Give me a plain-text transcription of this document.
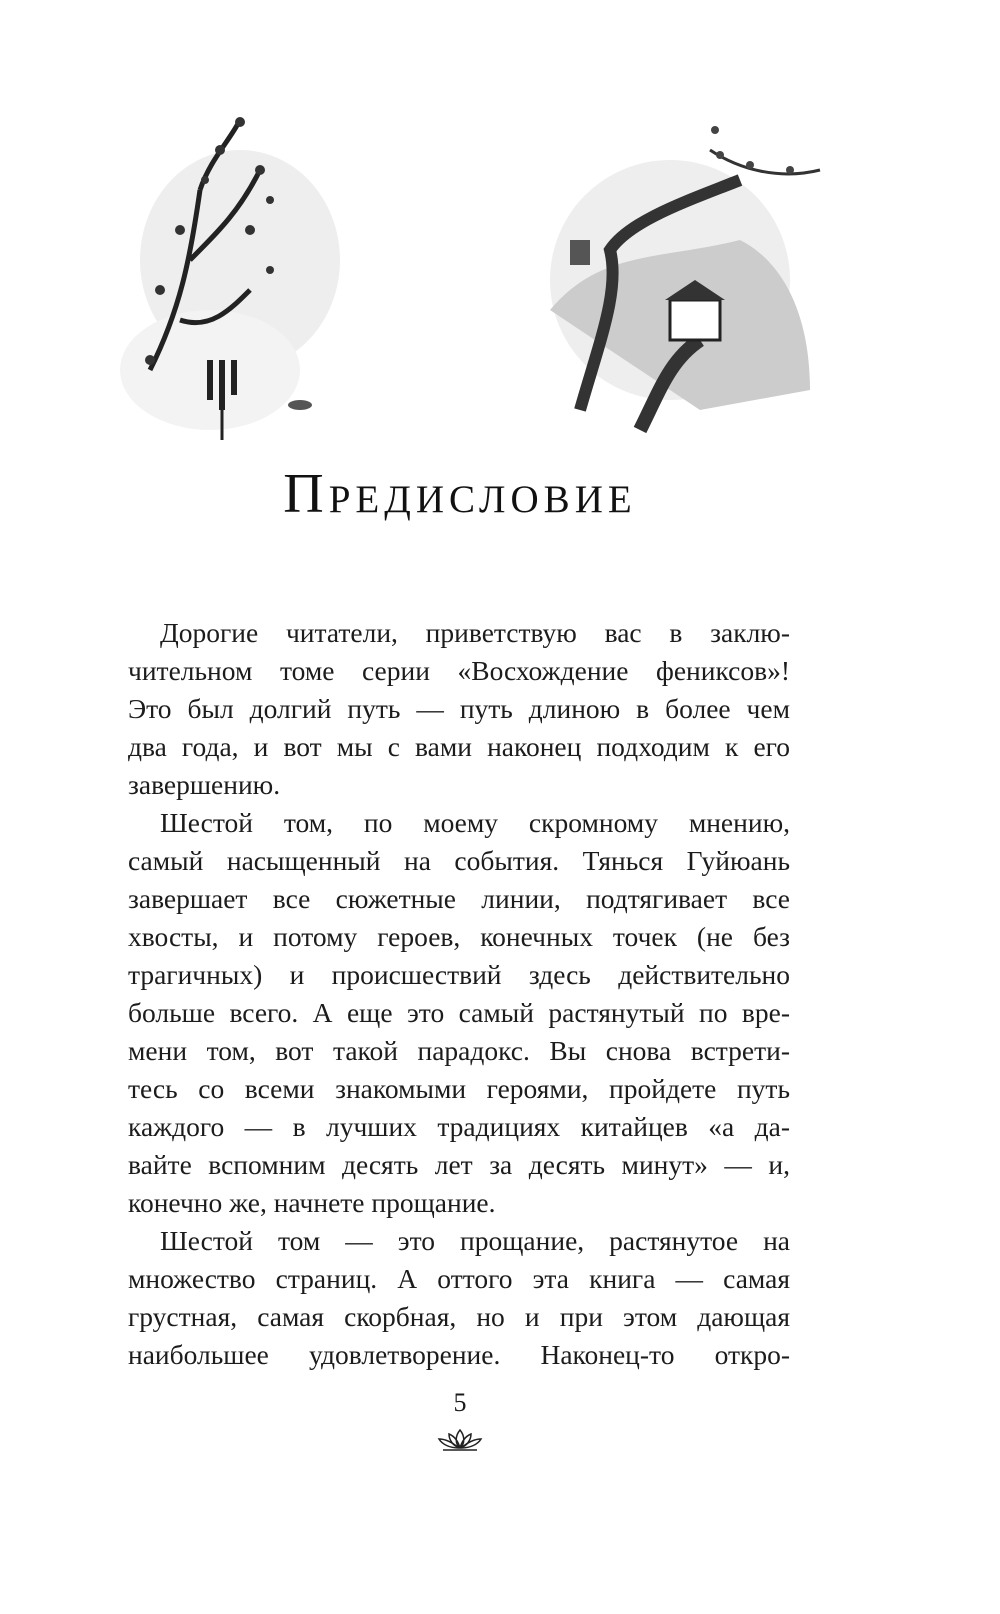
Предисловие
Дорогие читатели, приветствую вас в заклю-
чительном томе серии «Восхождение фениксов»!
Это был долгий путь — путь длиною в более чем
два года, и вот мы с вами наконец подходим к его
завершению.
Шестой том, по моему скромному мнению,
самый насыщенный на события. Тянься Гуйюань
завершает все сюжетные линии, подтягивает все
хвосты, и потому героев, конечных точек (не без
трагичных) и происшествий здесь действительно
больше всего. А еще это самый растянутый по вре-
мени том, вот такой парадокс. Вы снова встрети-
тесь со всеми знакомыми героями, пройдете путь
каждого — в лучших традициях китайцев «а да-
вайте вспомним десять лет за десять минут» — и,
конечно же, начнете прощание.
Шестой том — это прощание, растянутое на
множество страниц. А оттого эта книга — самая
грустная, самая скорбная, но и при этом дающая
наибольшее удовлетворение. Наконец-то откро-
5
